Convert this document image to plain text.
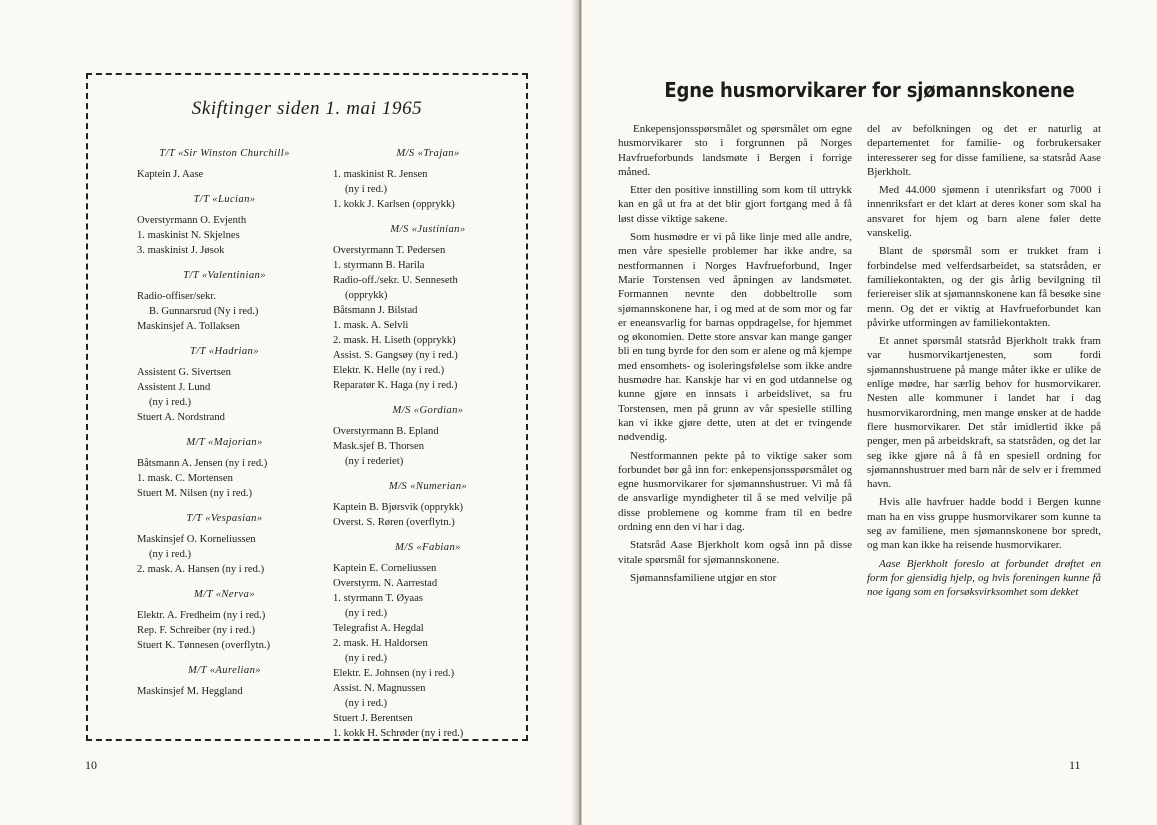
Skiftinger siden 1. mai 1965
T/T «Sir Winston Churchill»
Kaptein J. Aase
T/T «Lucian»
Overstyrmann O. Evjenth
1. maskinist N. Skjelnes
3. maskinist J. Jøsok
T/T «Valentinian»
Radio-offiser/sekr.
B. Gunnarsrud (Ny i red.)
Maskinsjef A. Tollaksen
T/T «Hadrian»
Assistent G. Sivertsen
Assistent J. Lund
(ny i red.)
Stuert A. Nordstrand
M/T «Majorian»
Båtsmann A. Jensen (ny i red.)
1. mask. C. Mortensen
Stuert M. Nilsen (ny i red.)
T/T «Vespasian»
Maskinsjef O. Korneliussen
(ny i red.)
2. mask. A. Hansen (ny i red.)
M/T «Nerva»
Elektr. A. Fredheim (ny i red.)
Rep. F. Schreiber (ny i red.)
Stuert K. Tønnesen (overflytn.)
M/T «Aurelian»
Maskinsjef M. Heggland
M/S «Trajan»
1. maskinist R. Jensen
(ny i red.)
1. kokk J. Karlsen (opprykk)
M/S «Justinian»
Overstyrmann T. Pedersen
1. styrmann B. Harila
Radio-off./sekr. U. Senneseth
(opprykk)
Båtsmann J. Bilstad
1. mask. A. Selvli
2. mask. H. Liseth (opprykk)
Assist. S. Gangsøy (ny i red.)
Elektr. K. Helle (ny i red.)
Reparatør K. Haga (ny i red.)
M/S «Gordian»
Overstyrmann B. Epland
Mask.sjef B. Thorsen
(ny i rederiet)
M/S «Numerian»
Kaptein B. Bjørsvik (opprykk)
Overst. S. Røren (overflytn.)
M/S «Fabian»
Kaptein E. Corneliussen
Overstyrm. N. Aarrestad
1. styrmann T. Øyaas
(ny i red.)
Telegrafist A. Hegdal
2. mask. H. Haldorsen
(ny i red.)
Elektr. E. Johnsen (ny i red.)
Assist. N. Magnussen
(ny i red.)
Stuert J. Berentsen
1. kokk H. Schrøder (ny i red.)
10
Egne husmorvikarer for sjømannskonene

Enkepensjonsspørsmålet og spørsmålet om egne husmorvikarer sto i forgrunnen på Norges Havfrueforbunds landsmøte i Bergen i forrige måned.

Etter den positive innstilling som kom til uttrykk kan en gå ut fra at det blir gjort fortgang med å få løst disse viktige sakene.

Som husmødre er vi på like linje med alle andre, men våre spesielle problemer har ikke andre, sa nestformannen i Norges Havfrueforbund, Inger Marie Torstensen ved åpningen av landsmøtet. Formannen nevnte den dobbeltrolle som sjømannskonene har, i og med at de som mor og far er eneansvarlig for barnas oppdragelse, for hjemmet og økonomien. Dette store ansvar kan mange ganger bli en tung byrde for den som er alene og må kjempe med ensomhets- og isoleringsfølelse som ikke andre husmødre har. Kanskje har vi en god utdannelse og kunne gjøre en innsats i arbeidslivet, sa fru Torstensen, men på grunn av vår spesielle stilling kan vi ikke gjøre dette, uten at det er tvingende nødvendig.

Nestformannen pekte på to viktige saker som forbundet bør gå inn for: enkepensjonsspørsmålet og egne husmorvikarer for sjømannshustruer. Vi må få de ansvarlige myndigheter til å se med velvilje på disse problemene og komme fram til en bedre ordning enn den vi har i dag.

Statsråd Aase Bjerkholt kom også inn på disse vitale spørsmål for sjømannskonene.

Sjømannsfamiliene utgjør en stor

del av befolkningen og det er naturlig at departementet for familie- og forbrukersaker interesserer seg for disse familiene, sa statsråd Aase Bjerkholt.

Med 44.000 sjømenn i utenriksfart og 7000 i innenriksfart er det klart at deres koner som skal ha ansvaret for hjem og barn alene føler dette vanskelig.

Blant de spørsmål som er trukket fram i forbindelse med velferdsarbeidet, sa statsråden, er familiekontakten, og der gis årlig bevilgning til feriereiser slik at sjømannskonene kan få besøke sine menn. Og det er viktig at Havfrueforbundet kan påvirke utformingen av familiekontakten.

Et annet spørsmål statsråd Bjerkholt trakk fram var husmorvikartjenesten, som fordi sjømannshustruene på mange måter ikke er ulike de enlige mødre, har særlig behov for husmorvikarer. Nesten alle kommuner i landet har i dag husmorvikarordning, men mange ønsker at de hadde flere husmorvikarer. Det står imidlertid ikke på penger, men på arbeidskraft, sa statsråden, og det lar seg ikke gjøre nå å få en spesiell ordning for sjømannshustruer med barn når de selv er i fremmed havn.

Hvis alle havfruer hadde bodd i Bergen kunne man ha en viss gruppe husmorvikarer som kunne ta seg av familiene, men sjømannskonene bor spredt, og man kan ikke ha reisende husmorvikarer.

Aase Bjerkholt foreslo at forbundet drøftet en form for gjensidig hjelp, og hvis foreningen kunne få noe igang som en forsøksvirksomhet som dekket

11
